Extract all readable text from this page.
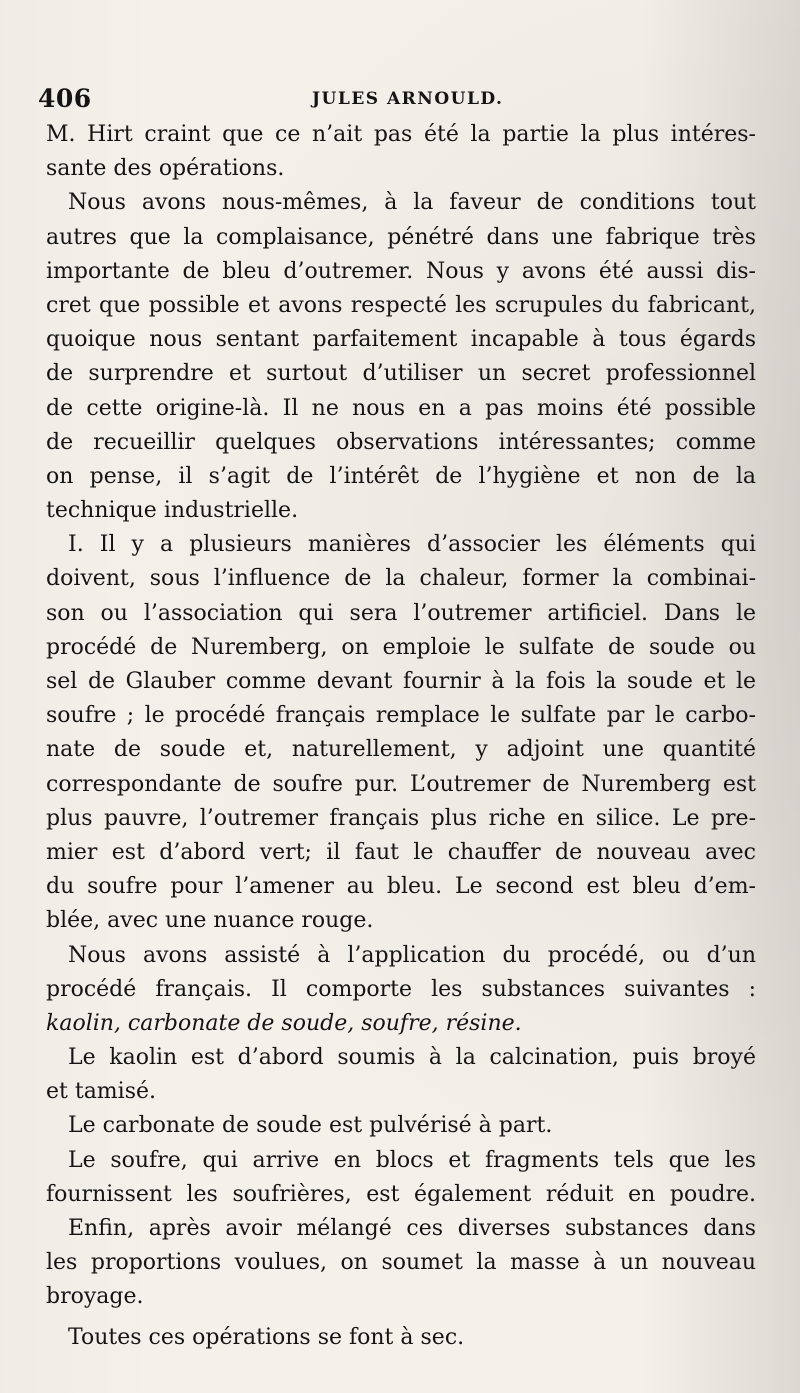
406	JULES ARNOULD.
M. Hirt craint que ce n’ait pas été la partie la plus intéres-
sante des opérations.
Nous avons nous-mêmes, à la faveur de conditions tout
autres que la complaisance, pénétré dans une fabrique très
importante de bleu d’outremer. Nous y avons été aussi dis-
cret que possible et avons respecté les scrupules du fabricant,
quoique nous sentant parfaitement incapable à tous égards
de surprendre et surtout d’utiliser un secret professionnel
de cette origine-là. Il ne nous en a pas moins été possible
de recueillir quelques observations intéressantes; comme
on pense, il s’agit de l’intérêt de l’hygiène et non de la
technique industrielle.
I. Il y a plusieurs manières d’associer les éléments qui
doivent, sous l’influence de la chaleur, former la combinai-
son ou l’association qui sera l’outremer artificiel. Dans le
procédé de Nuremberg, on emploie le sulfate de soude ou
sel de Glauber comme devant fournir à la fois la soude et le
soufre ; le procédé français remplace le sulfate par le carbo-
nate de soude et, naturellement, y adjoint une quantité
correspondante de soufre pur. L’outremer de Nuremberg est
plus pauvre, l’outremer français plus riche en silice. Le pre-
mier est d’abord vert; il faut le chauffer de nouveau avec
du soufre pour l’amener au bleu. Le second est bleu d’em-
blée, avec une nuance rouge.
Nous avons assisté à l’application du procédé, ou d’un
procédé français. Il comporte les substances suivantes :
kaolin, carbonate de soude, soufre, résine.
Le kaolin est d’abord soumis à la calcination, puis broyé
et tamisé.
Le carbonate de soude est pulvérisé à part.
Le soufre, qui arrive en blocs et fragments tels que les
fournissent les soufrières, est également réduit en poudre.
Enfin, après avoir mélangé ces diverses substances dans
les proportions voulues, on soumet la masse à un nouveau
broyage.
Toutes ces opérations se font à sec.
